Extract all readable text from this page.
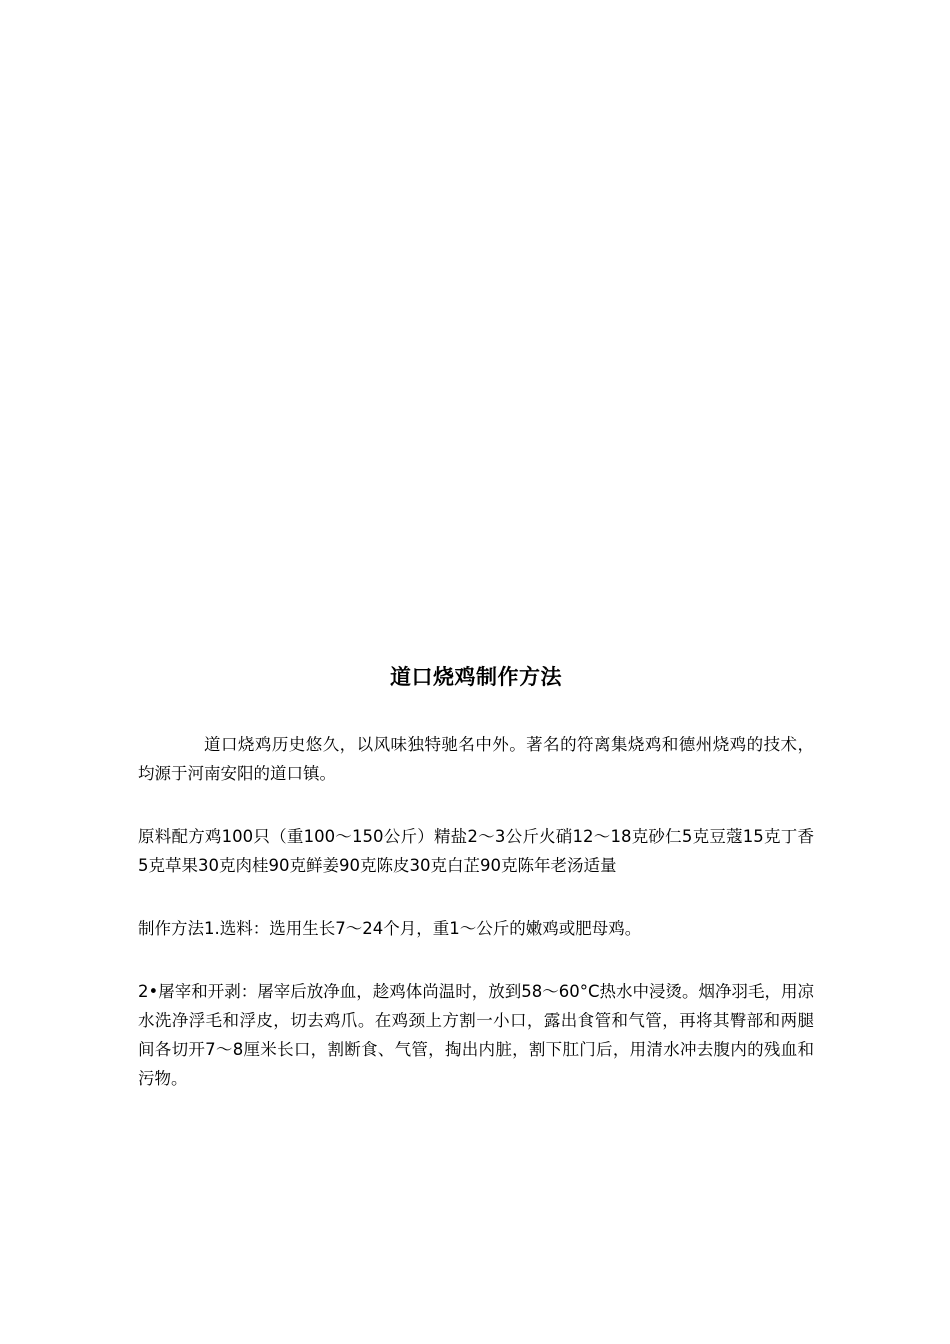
道口烧鸡制作方法

道口烧鸡历史悠久，以风味独特驰名中外。著名的符离集烧鸡和德州烧鸡的技术，均源于河南安阳的道口镇。

原料配方鸡100只（重100〜150公斤）精盐2〜3公斤火硝12〜18克砂仁5克豆蔻15克丁香5克草果30克肉桂90克鲜姜90克陈皮30克白芷90克陈年老汤适量

制作方法1.选料：选用生长7〜24个月，重1〜公斤的嫩鸡或肥母鸡。

2•屠宰和开剥：屠宰后放净血，趁鸡体尚温时，放到58〜60°C热水中浸烫。烟净羽毛，用凉水洗净浮毛和浮皮，切去鸡爪。在鸡颈上方割一小口，露出食管和气管，再将其臀部和两腿间各切开7〜8厘米长口，割断食、气管，掏出内脏，割下肛门后，用清水冲去腹内的残血和污物。
